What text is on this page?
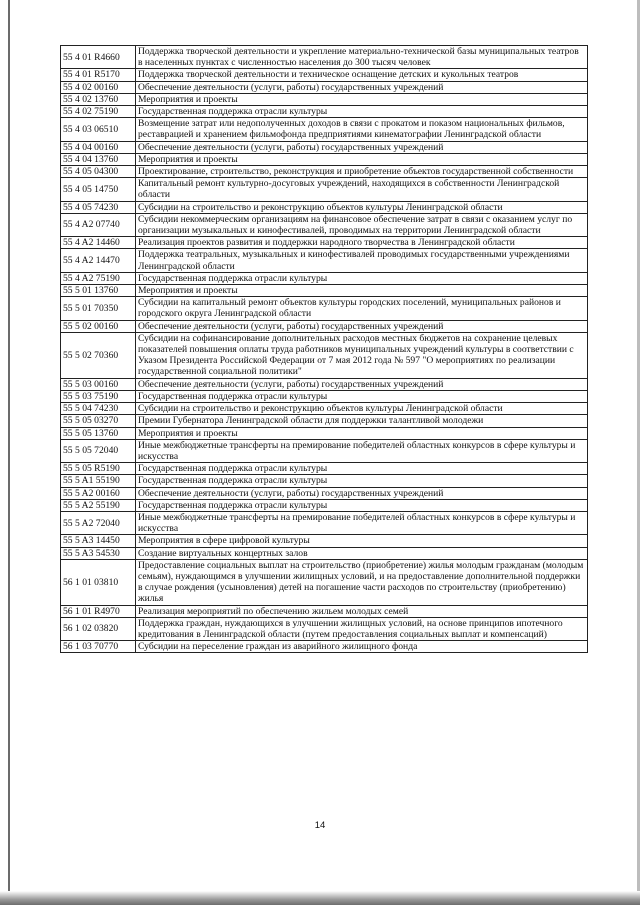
55 4 01 R4660	Поддержка творческой деятельности и укрепление материально-технической базы муниципальных театров в населенных пунктах с численностью населения до 300 тысяч человек
55 4 01 R5170	Поддержка творческой деятельности и техническое оснащение детских и кукольных театров
55 4 02 00160	Обеспечение деятельности (услуги, работы) государственных учреждений
55 4 02 13760	Мероприятия и проекты
55 4 02 75190	Государственная поддержка отрасли культуры
55 4 03 06510	Возмещение затрат или недополученных доходов в связи с прокатом и показом национальных фильмов, реставрацией и хранением фильмофонда предприятиями кинематографии Ленинградской области
55 4 04 00160	Обеспечение деятельности (услуги, работы) государственных учреждений
55 4 04 13760	Мероприятия и проекты
55 4 05 04300	Проектирование, строительство, реконструкция и приобретение объектов государственной собственности
55 4 05 14750	Капитальный ремонт культурно-досуговых учреждений, находящихся в собственности Ленинградской области
55 4 05 74230	Субсидии на строительство и реконструкцию объектов культуры Ленинградской области
55 4 A2 07740	Субсидии некоммерческим организациям на финансовое обеспечение затрат в связи с оказанием услуг по организации музыкальных и кинофестивалей, проводимых на территории Ленинградской области
55 4 A2 14460	Реализация проектов развития и поддержки народного творчества в Ленинградской области
55 4 A2 14470	Поддержка театральных, музыкальных и кинофестивалей проводимых государственными учреждениями Ленинградской области
55 4 A2 75190	Государственная поддержка отрасли культуры
55 5 01 13760	Мероприятия и проекты
55 5 01 70350	Субсидии на капитальный ремонт объектов культуры городских поселений, муниципальных районов и городского округа Ленинградской области
55 5 02 00160	Обеспечение деятельности (услуги, работы) государственных учреждений
55 5 02 70360	Субсидии на софинансирование дополнительных расходов местных бюджетов на сохранение целевых показателей повышения оплаты труда работников муниципальных учреждений культуры в соответствии с Указом Президента Российской Федерации от 7 мая 2012 года № 597 "О мероприятиях по реализации государственной социальной политики"
55 5 03 00160	Обеспечение деятельности (услуги, работы) государственных учреждений
55 5 03 75190	Государственная поддержка отрасли культуры
55 5 04 74230	Субсидии на строительство и реконструкцию объектов культуры Ленинградской области
55 5 05 03270	Премии Губернатора Ленинградской области для поддержки талантливой молодежи
55 5 05 13760	Мероприятия и проекты
55 5 05 72040	Иные межбюджетные трансферты на премирование победителей областных конкурсов в сфере культуры и искусства
55 5 05 R5190	Государственная поддержка отрасли культуры
55 5 A1 55190	Государственная поддержка отрасли культуры
55 5 A2 00160	Обеспечение деятельности (услуги, работы) государственных учреждений
55 5 A2 55190	Государственная поддержка отрасли культуры
55 5 A2 72040	Иные межбюджетные трансферты на премирование победителей областных конкурсов в сфере культуры и искусства
55 5 A3 14450	Мероприятия в сфере цифровой культуры
55 5 A3 54530	Создание виртуальных концертных залов
56 1 01 03810	Предоставление социальных выплат на строительство (приобретение) жилья молодым гражданам (молодым семьям), нуждающимся в улучшении жилищных условий, и на предоставление дополнительной поддержки в случае рождения (усыновления) детей на погашение части расходов по строительству (приобретению) жилья
56 1 01 R4970	Реализация мероприятий по обеспечению жильем молодых семей
56 1 02 03820	Поддержка граждан, нуждающихся в улучшении жилищных условий, на основе принципов ипотечного кредитования в Ленинградской области (путем предоставления социальных выплат и компенсаций)
56 1 03 70770	Субсидии на переселение граждан из аварийного жилищного фонда
14
